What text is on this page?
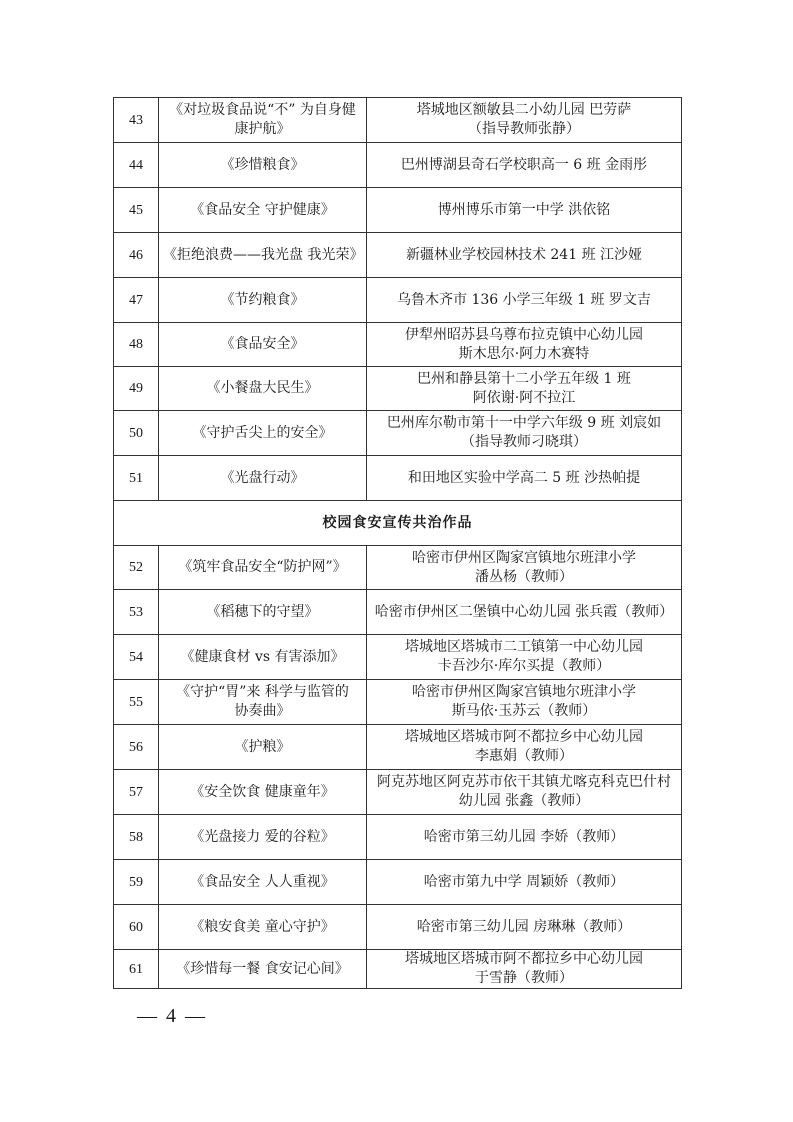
43	《对垃圾食品说“不” 为自身健
康护航》	塔城地区额敏县二小幼儿园 巴劳萨
（指导教师张静）

44	《珍惜粮食》	巴州博湖县奇石学校职高一 6 班 金雨彤

45	《食品安全 守护健康》	博州博乐市第一中学 洪依铭

46	《拒绝浪费——我光盘 我光荣》	新疆林业学校园林技术 241 班 江沙娅

47	《节约粮食》	乌鲁木齐市 136 小学三年级 1 班 罗文吉

48	《食品安全》	伊犁州昭苏县乌尊布拉克镇中心幼儿园
斯木思尔·阿力木赛特

49	《小餐盘大民生》	巴州和静县第十二小学五年级 1 班
阿依谢·阿不拉江

50	《守护舌尖上的安全》	巴州库尔勒市第十一中学六年级 9 班 刘宸如
（指导教师刁晓琪）

51	《光盘行动》	和田地区实验中学高二 5 班 沙热帕提

校园食安宣传共治作品		
52	《筑牢食品安全“防护网”》	哈密市伊州区陶家宫镇地尔班津小学
潘丛杨（教师）

53	《稻穗下的守望》	哈密市伊州区二堡镇中心幼儿园 张兵霞（教师）

54	《健康食材 vs 有害添加》	塔城地区塔城市二工镇第一中心幼儿园
卡吾沙尔·库尔买提（教师）

55	《守护“胃”来 科学与监管的
协奏曲》	哈密市伊州区陶家宫镇地尔班津小学
斯马依·玉苏云（教师）

56	《护粮》	塔城地区塔城市阿不都拉乡中心幼儿园
李惠娟（教师）

57	《安全饮食 健康童年》	阿克苏地区阿克苏市依干其镇尤喀克科克巴什村
幼儿园 张鑫（教师）

58	《光盘接力 爱的谷粒》	哈密市第三幼儿园 李娇（教师）

59	《食品安全 人人重视》	哈密市第九中学 周颖娇（教师）

60	《粮安食美 童心守护》	哈密市第三幼儿园 房琳琳（教师）

61	《珍惜每一餐 食安记心间》	塔城地区塔城市阿不都拉乡中心幼儿园
于雪静（教师）
— 4 —
